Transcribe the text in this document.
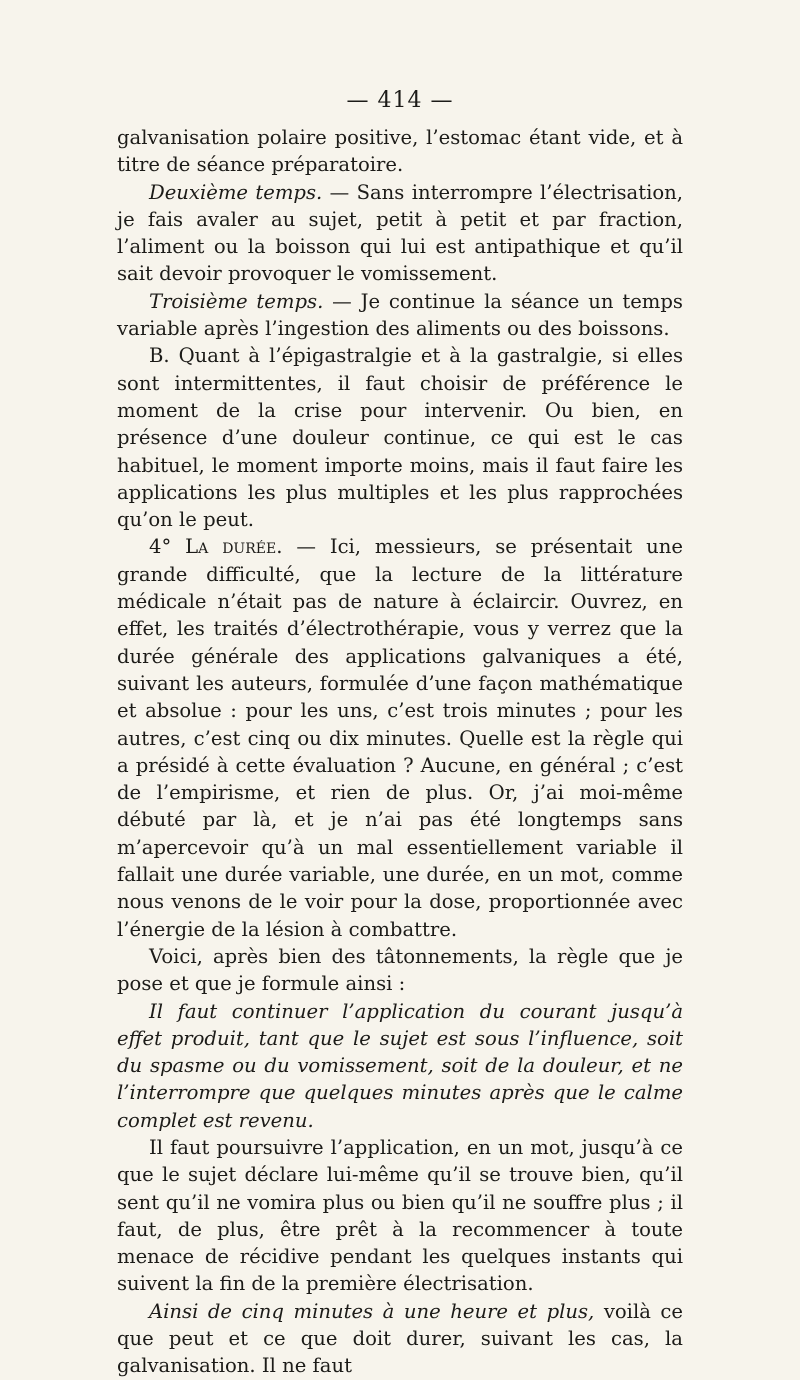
— 414 —

galvanisation polaire positive, l’estomac étant vide, et à titre de séance préparatoire.

Deuxième temps. — Sans interrompre l’électrisation, je fais avaler au sujet, petit à petit et par fraction, l’aliment ou la boisson qui lui est antipathique et qu’il sait devoir provoquer le vomissement.

Troisième temps. — Je continue la séance un temps variable après l’ingestion des aliments ou des boissons.

B. Quant à l’épigastralgie et à la gastralgie, si elles sont intermittentes, il faut choisir de préférence le moment de la crise pour intervenir. Ou bien, en présence d’une douleur continue, ce qui est le cas habituel, le moment importe moins, mais il faut faire les applications les plus multiples et les plus rapprochées qu’on le peut.

4° La durée. — Ici, messieurs, se présentait une grande difficulté, que la lecture de la littérature médicale n’était pas de nature à éclaircir. Ouvrez, en effet, les traités d’électrothérapie, vous y verrez que la durée générale des applications galvaniques a été, suivant les auteurs, formulée d’une façon mathématique et absolue : pour les uns, c’est trois minutes ; pour les autres, c’est cinq ou dix minutes. Quelle est la règle qui a présidé à cette évaluation ? Aucune, en général ; c’est de l’empirisme, et rien de plus. Or, j’ai moi-même débuté par là, et je n’ai pas été longtemps sans m’apercevoir qu’à un mal essentiellement variable il fallait une durée variable, une durée, en un mot, comme nous venons de le voir pour la dose, proportionnée avec l’énergie de la lésion à combattre.

Voici, après bien des tâtonnements, la règle que je pose et que je formule ainsi :

Il faut continuer l’application du courant jusqu’à effet produit, tant que le sujet est sous l’influence, soit du spasme ou du vomissement, soit de la douleur, et ne l’interrompre que quelques minutes après que le calme complet est revenu.

Il faut poursuivre l’application, en un mot, jusqu’à ce que le sujet déclare lui-même qu’il se trouve bien, qu’il sent qu’il ne vomira plus ou bien qu’il ne souffre plus ; il faut, de plus, être prêt à la recommencer à toute menace de récidive pendant les quelques instants qui suivent la fin de la première électrisation.

Ainsi de cinq minutes à une heure et plus, voilà ce que peut et ce que doit durer, suivant les cas, la galvanisation. Il ne faut
